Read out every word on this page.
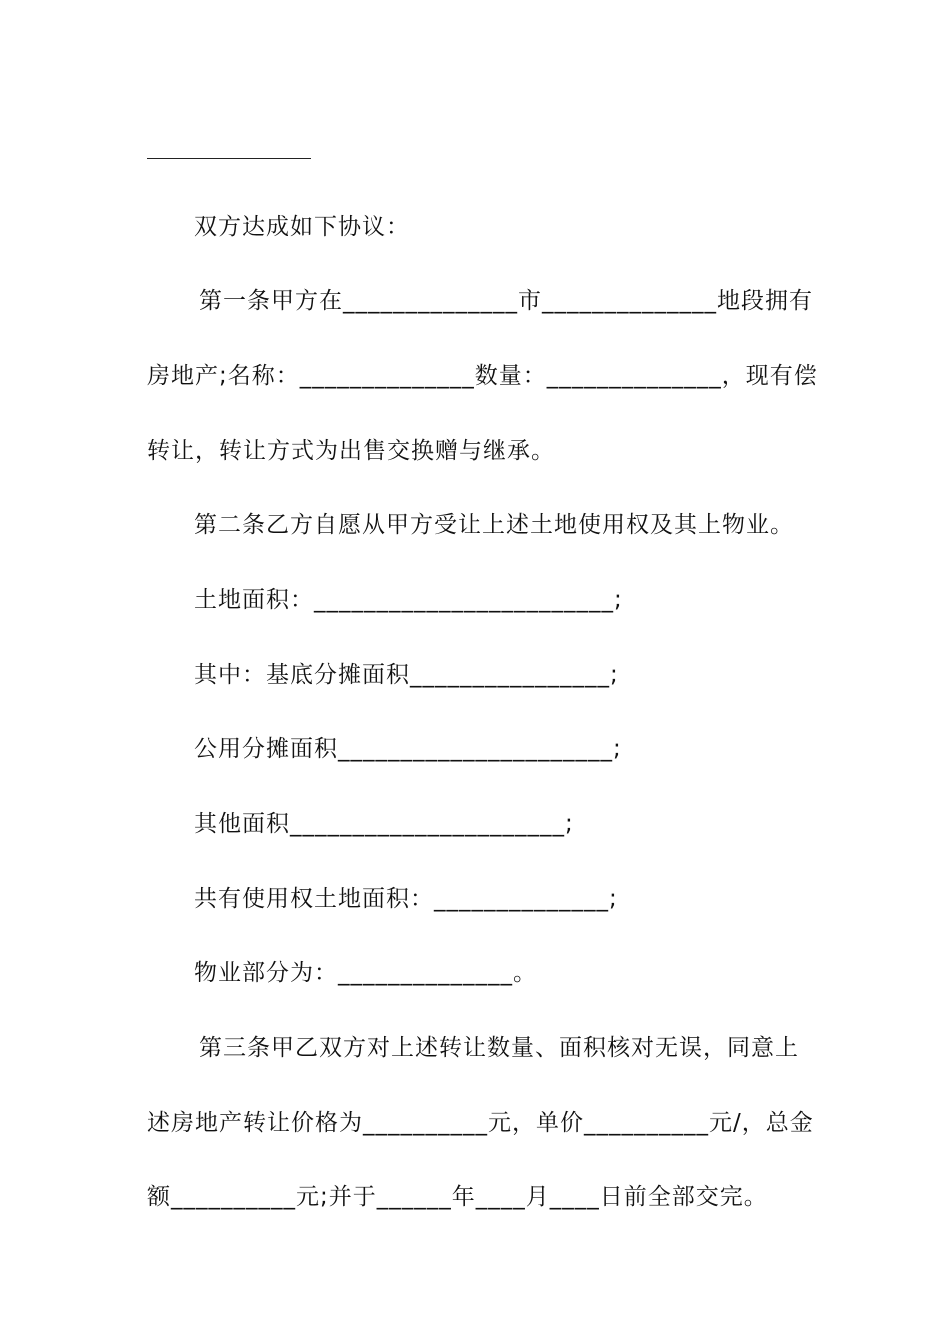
双方达成如下协议：
第一条甲方在______________市______________地段拥有
房地产;名称：______________数量：______________，现有偿
转让，转让方式为出售交换赠与继承。
第二条乙方自愿从甲方受让上述土地使用权及其上物业。
土地面积：________________________;
其中：基底分摊面积________________;
公用分摊面积______________________;
其他面积______________________;
共有使用权土地面积：______________;
物业部分为：______________。
第三条甲乙双方对上述转让数量、面积核对无误，同意上
述房地产转让价格为__________元，单价__________元/，总金
额__________元;并于______年____月____日前全部交完。
